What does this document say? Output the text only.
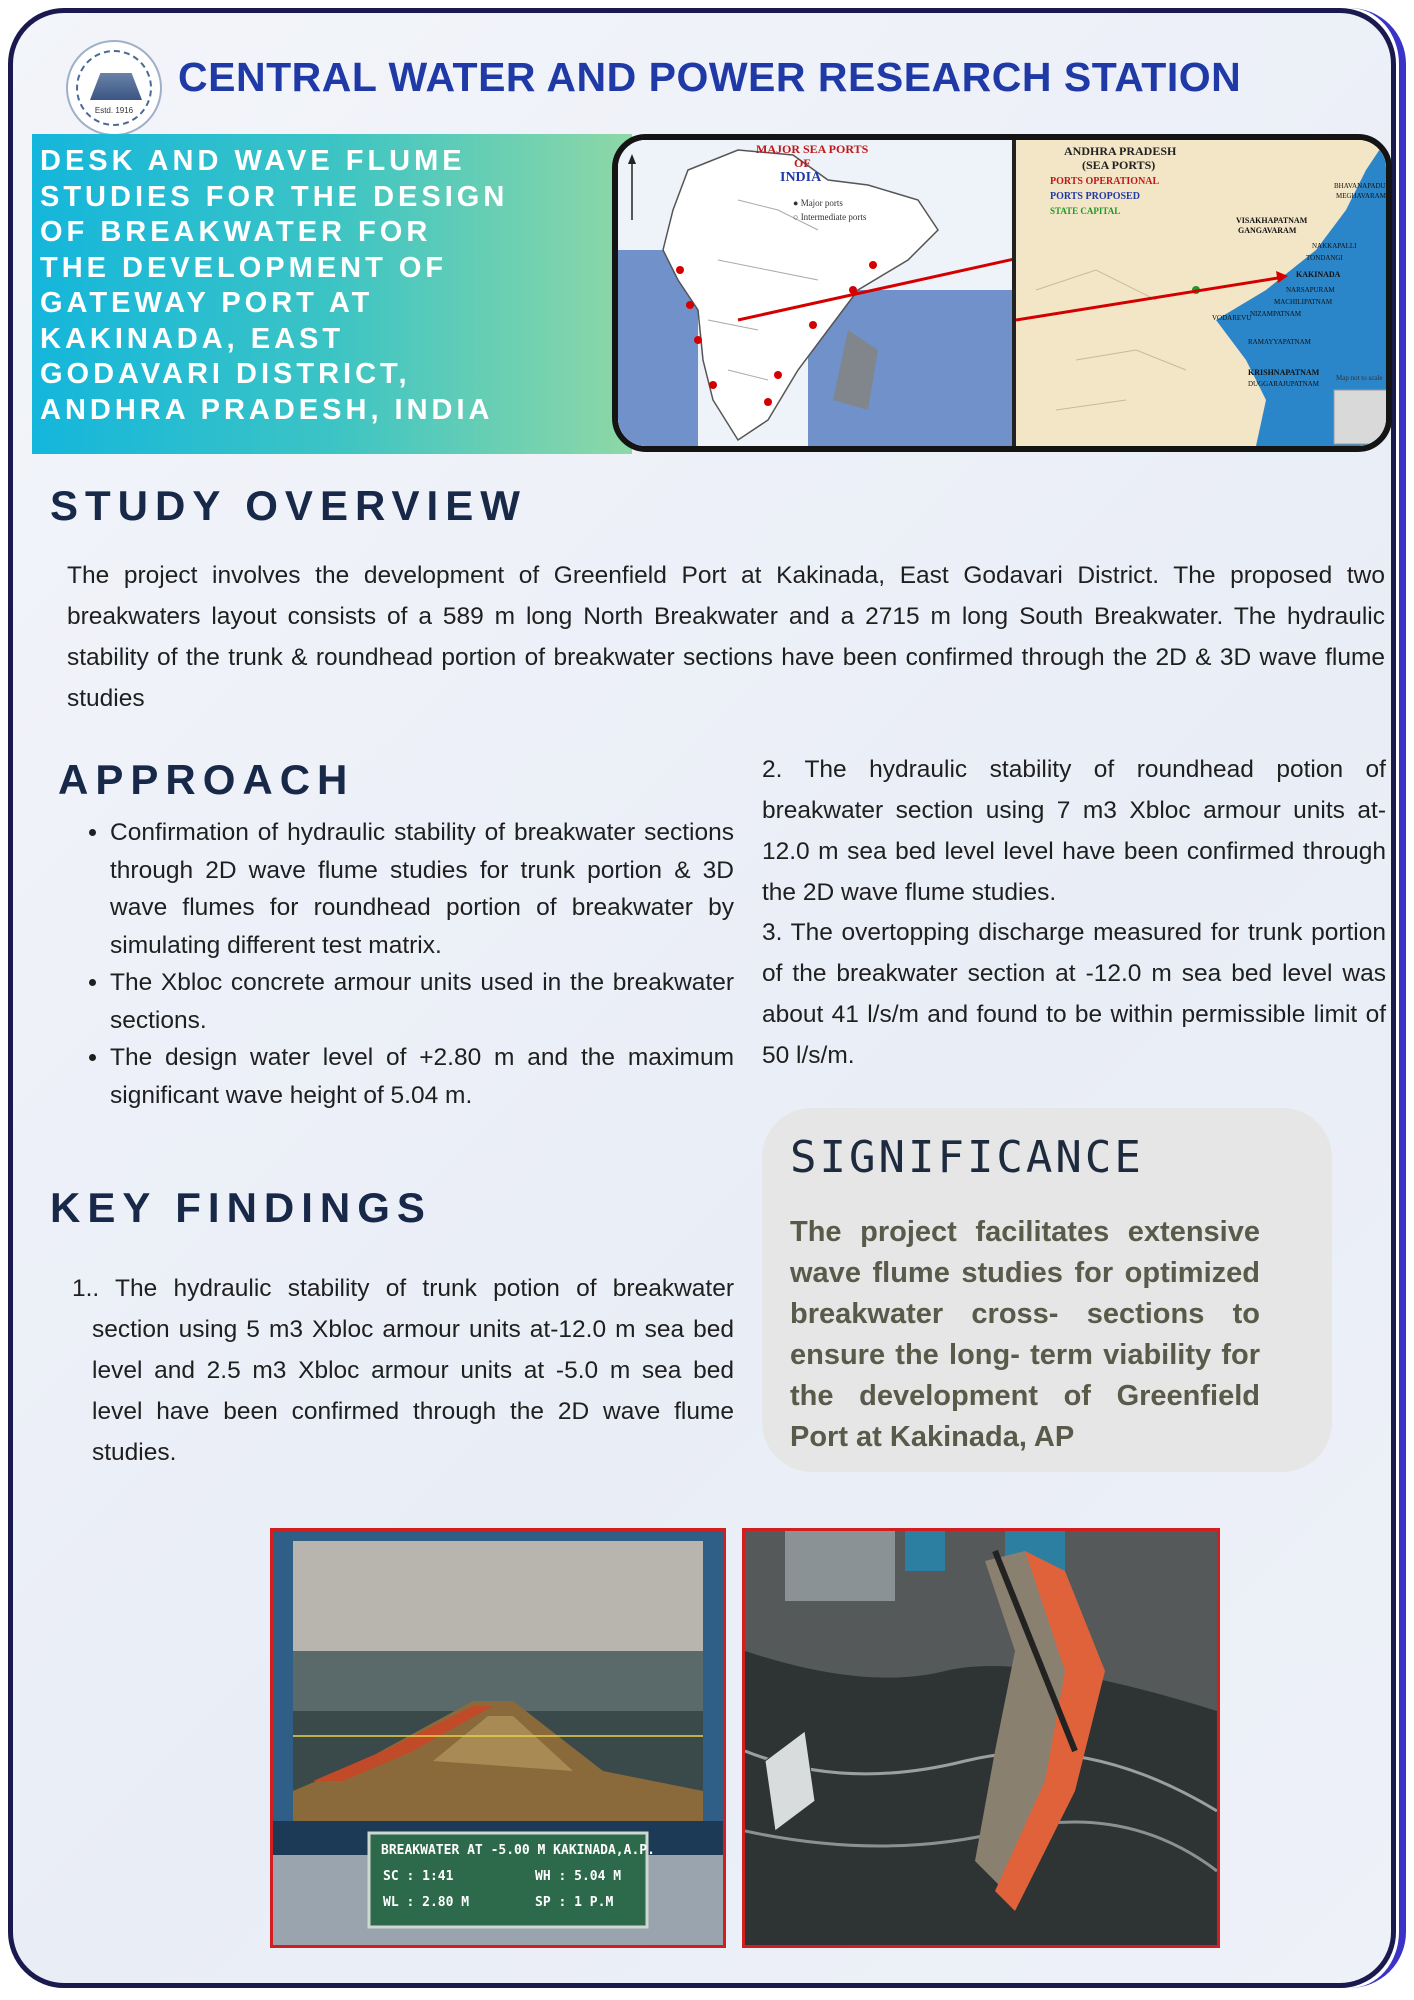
Estd. 1916
CENTRAL WATER AND POWER RESEARCH STATION
DESK AND WAVE FLUME
STUDIES FOR THE DESIGN
OF BREAKWATER FOR
THE DEVELOPMENT OF
GATEWAY PORT AT
KAKINADA, EAST
GODAVARI DISTRICT,
ANDHRA PRADESH, INDIA
MAJOR SEA PORTS
OF
INDIA
● Major ports
○ Intermediate ports
ANDHRA PRADESH
(SEA PORTS)
PORTS OPERATIONAL
PORTS PROPOSED
STATE CAPITAL
BHAVANAPADU
MEGHAVARAM
VISAKHAPATNAM
GANGAVARAM
NAKKAPALLI
TONDANGI
KAKINADA
NARSAPURAM
MACHILIPATNAM
NIZAMPATNAM
VODAREVU
RAMAYYAPATNAM
KRISHNAPATNAM
DUGGARAJUPATNAM
Map not to scale
STUDY OVERVIEW
The project involves the development of Greenfield Port at Kakinada, East Godavari District. The proposed two breakwaters layout consists of a 589 m long North Breakwater and a 2715 m long South Breakwater. The hydraulic stability of the trunk & roundhead portion of breakwater sections have been confirmed through the 2D & 3D wave flume studies
APPROACH
• Confirmation of hydraulic stability of breakwater sections through 2D wave flume studies for trunk portion & 3D wave flumes for roundhead portion of breakwater by simulating different test matrix.
• The Xbloc concrete armour units used in the breakwater sections.
• The design water level of +2.80 m and the maximum significant wave height of 5.04 m.
KEY FINDINGS
1.. The hydraulic stability of trunk potion of breakwater section using 5 m3 Xbloc armour units at-12.0 m sea bed level and 2.5 m3 Xbloc armour units at -5.0 m sea bed level have been confirmed through the 2D wave flume studies.
2. The hydraulic stability of roundhead potion of breakwater section using 7 m3 Xbloc armour units at-12.0 m sea bed level level have been confirmed through the 2D wave flume studies.
3. The overtopping discharge measured for trunk portion of the breakwater section at -12.0 m sea bed level was about 41 l/s/m and found to be within permissible limit of 50 l/s/m.
SIGNIFICANCE
The project facilitates extensive wave flume studies for optimized breakwater cross- sections to ensure the long- term viability for the development of Greenfield Port at Kakinada, AP
BREAKWATER AT -5.00 M KAKINADA,A.P.
SC : 1:41	WH : 5.04 M
WL : 2.80 M	SP : 1 P.M
